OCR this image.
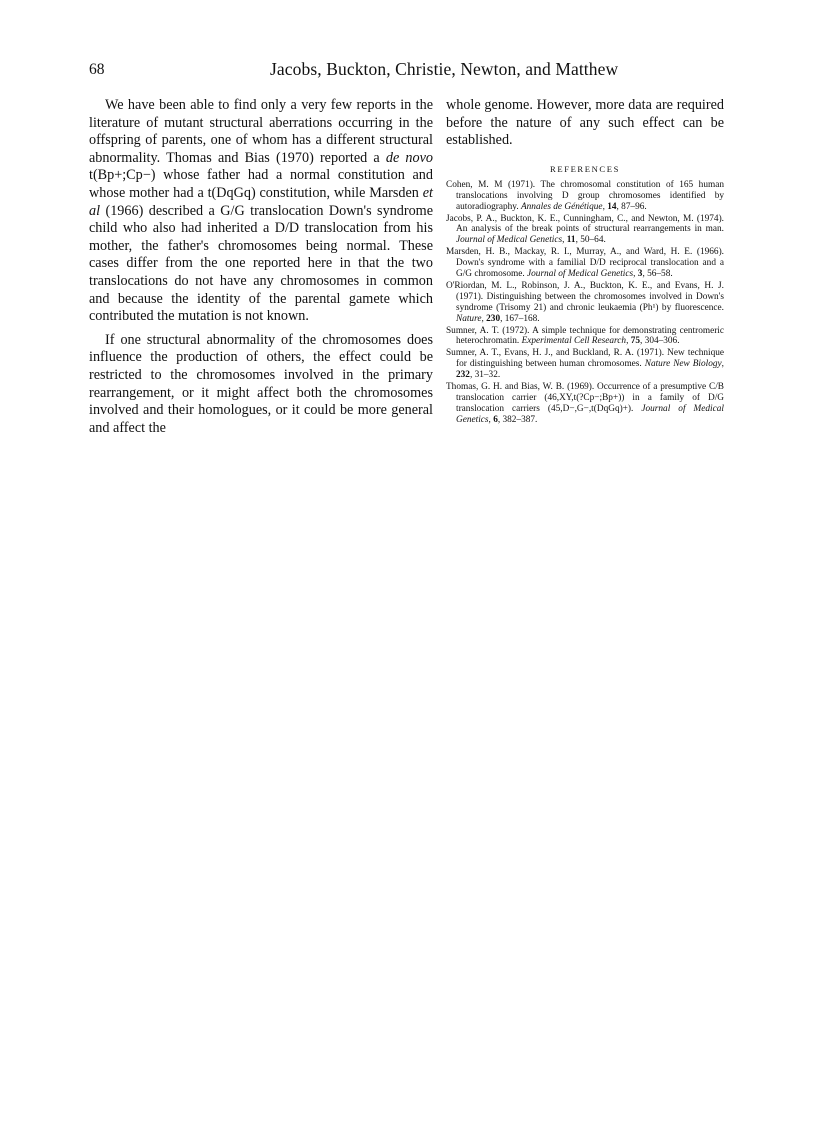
68	Jacobs, Buckton, Christie, Newton, and Matthew

We have been able to find only a very few reports in the literature of mutant structural aberrations occurring in the offspring of parents, one of whom has a different structural abnormality. Thomas and Bias (1970) reported a de novo t(Bp+;Cp−) whose father had a normal constitution and whose mother had a t(DqGq) constitution, while Marsden et al (1966) described a G/G translocation Down's syndrome child who also had inherited a D/D translocation from his mother, the father's chromosomes being normal. These cases differ from the one reported here in that the two translocations do not have any chromosomes in common and because the identity of the parental gamete which contributed the mutation is not known.

If one structural abnormality of the chromosomes does influence the production of others, the effect could be restricted to the chromosomes involved in the primary rearrangement, or it might affect both the chromosomes involved and their homologues, or it could be more general and affect the

whole genome. However, more data are required before the nature of any such effect can be established.

REFERENCES
Cohen, M. M (1971). The chromosomal constitution of 165 human translocations involving D group chromosomes identified by autoradiography. Annales de Génétique, 14, 87–96.
Jacobs, P. A., Buckton, K. E., Cunningham, C., and Newton, M. (1974). An analysis of the break points of structural rearrangements in man. Journal of Medical Genetics, 11, 50–64.
Marsden, H. B., Mackay, R. I., Murray, A., and Ward, H. E. (1966). Down's syndrome with a familial D/D reciprocal translocation and a G/G chromosome. Journal of Medical Genetics, 3, 56–58.
O'Riordan, M. L., Robinson, J. A., Buckton, K. E., and Evans, H. J. (1971). Distinguishing between the chromosomes involved in Down's syndrome (Trisomy 21) and chronic leukaemia (Ph¹) by fluorescence. Nature, 230, 167–168.
Sumner, A. T. (1972). A simple technique for demonstrating centromeric heterochromatin. Experimental Cell Research, 75, 304–306.
Sumner, A. T., Evans, H. J., and Buckland, R. A. (1971). New technique for distinguishing between human chromosomes. Nature New Biology, 232, 31–32.
Thomas, G. H. and Bias, W. B. (1969). Occurrence of a presumptive C/B translocation carrier (46,XY,t(?Cp−;Bp+)) in a family of D/G translocation carriers (45,D−,G−,t(DqGq)+). Journal of Medical Genetics, 6, 382–387.
